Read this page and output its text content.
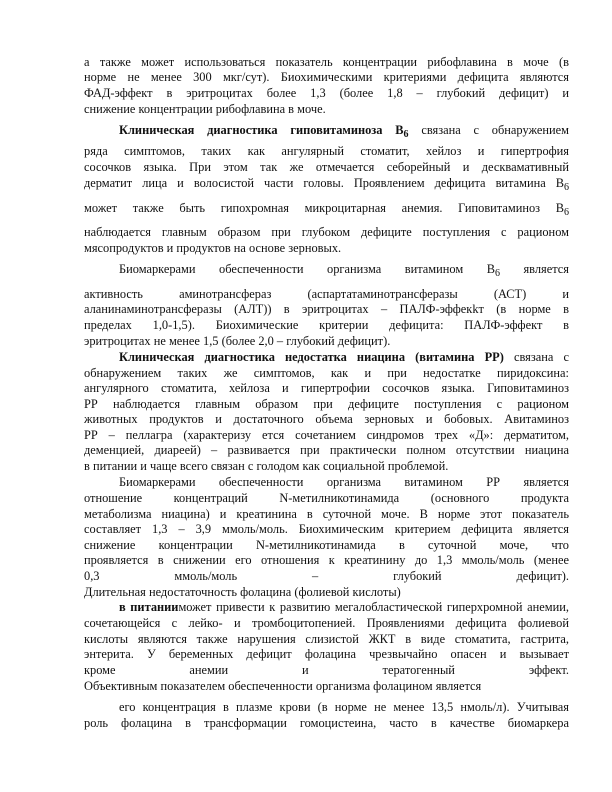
а также может использоваться показатель концентрации рибофлавина в моче (в

норме не менее 300 мкг/сут). Биохимическими критериями дефицита являются

ФАД-эффект в эритроцитах более 1,3 (более 1,8 – глубокий дефицит) и

снижение концентрации рибофлавина в моче.

Клиническая диагностика гиповитаминоза $B_6$ связана с обнаружением

ряда симптомов, таких как ангулярный стоматит, хейлоз и гипертрофия

сосочков языка. При этом так же отмечается себорейный и десквамативный

дерматит лица и волосистой части головы. Проявлением дефицита витамина $B_6$

может также быть гипохромная микроцитарная анемия. Гиповитаминоз $B_6$

наблюдается главным образом при глубоком дефиците поступления с рационом

мясопродуктов и продуктов на основе зерновых.

Биомаркерами обеспеченности организма витамином $B_6$ является

активность аминотрансфераз (аспартатаминотрансферазы (АСТ) и

аланинаминотрансферазы (АЛТ)) в эритроцитах – ПАЛФ-эффекkт (в норме в

пределах 1,0-1,5). Биохимические критерии дефицита: ПАЛФ-эффект в

эритроцитах не менее 1,5 (более 2,0 – глубокий дефицит).

Клиническая диагностика недостатка ниацина (витамина РР) связана с

обнаружением таких же симптомов, как и при недостатке пиридоксина:

ангулярного стоматита, хейлоза и гипертрофии сосочков языка. Гиповитаминоз

РР наблюдается главным образом при дефиците поступления с рационом

животных продуктов и достаточного объема зерновых и бобовых. Авитаминоз

РР – пеллагра (характеризу ется сочетанием синдромов трех «Д»: дерматитом,

деменцией, диареей) – развивается при практически полном отсутствии ниацина

в питании и чаще всего связан с голодом как социальной проблемой.

Биомаркерами обеспеченности организма витамином РР является

отношение концентраций N-метилникотинамида (основного продукта

метаболизма ниацина) и креатинина в суточной моче. В норме этот показатель

составляет 1,3 – 3,9 ммоль/моль. Биохимическим критерием дефицита является

снижение концентрации N-метилникотинамида в суточной моче, что

проявляется в снижении его отношения к креатинину до 1,3 ммоль/моль (менее

0,3 ммоль/моль – глубокий дефицит).

Длительная недостаточность фолацина (фолиевой кислоты)

в питанииможет привести к развитию мегалобластической гиперхромной анемии,

сочетающейся с лейко- и тромбоцитопенией. Проявлениями дефицита фолиевой

кислоты являются также нарушения слизистой ЖКТ в виде стоматита, гастрита,

энтерита. У беременных дефицит фолацина чрезвычайно опасен и вызывает

кроме анемии и тератогенный эффект.

Объективным показателем обеспеченности организма фолацином является

его концентрация в плазме крови (в норме не менее 13,5 нмоль/л). Учитывая

роль фолацина в трансформации гомоцистеина, часто в качестве биомаркера
